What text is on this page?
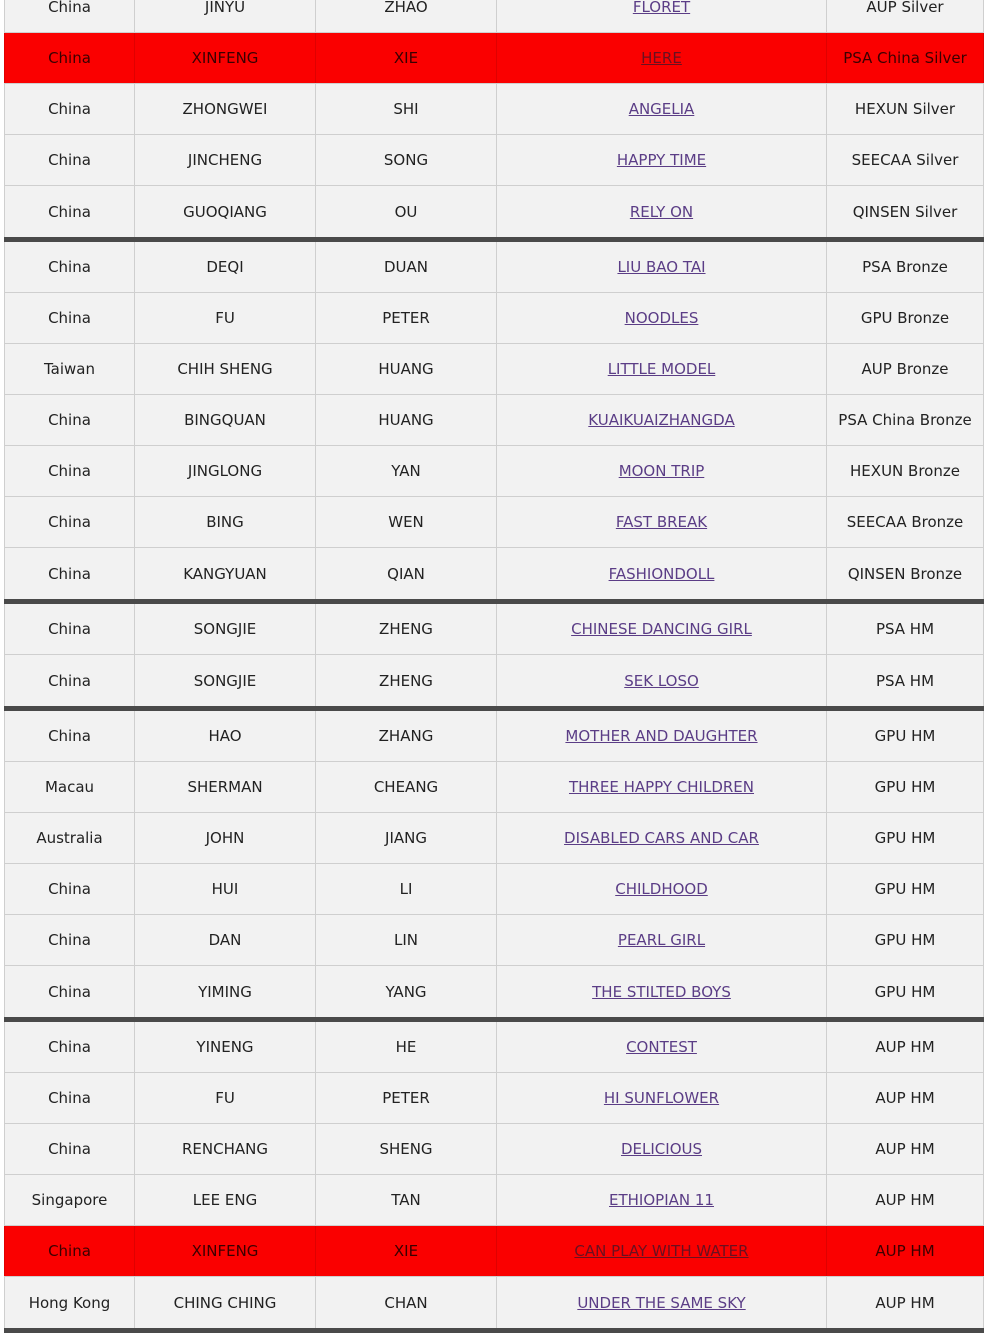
China	JINYU	ZHAO	FLORET	AUP Silver
China	XINFENG	XIE	HERE	PSA China Silver
China	ZHONGWEI	SHI	ANGELIA	HEXUN Silver
China	JINCHENG	SONG	HAPPY TIME	SEECAA Silver
China	GUOQIANG	OU	RELY ON	QINSEN Silver
China	DEQI	DUAN	LIU BAO TAI	PSA Bronze
China	FU	PETER	NOODLES	GPU Bronze
Taiwan	CHIH SHENG	HUANG	LITTLE MODEL	AUP Bronze
China	BINGQUAN	HUANG	KUAIKUAIZHANGDA	PSA China Bronze
China	JINGLONG	YAN	MOON TRIP	HEXUN Bronze
China	BING	WEN	FAST BREAK	SEECAA Bronze
China	KANGYUAN	QIAN	FASHIONDOLL	QINSEN Bronze
China	SONGJIE	ZHENG	CHINESE DANCING GIRL	PSA HM
China	SONGJIE	ZHENG	SEK LOSO	PSA HM
China	HAO	ZHANG	MOTHER AND DAUGHTER	GPU HM
Macau	SHERMAN	CHEANG	THREE HAPPY CHILDREN	GPU HM
Australia	JOHN	JIANG	DISABLED CARS AND CAR	GPU HM
China	HUI	LI	CHILDHOOD	GPU HM
China	DAN	LIN	PEARL GIRL	GPU HM
China	YIMING	YANG	THE STILTED BOYS	GPU HM
China	YINENG	HE	CONTEST	AUP HM
China	FU	PETER	HI SUNFLOWER	AUP HM
China	RENCHANG	SHENG	DELICIOUS	AUP HM
Singapore	LEE ENG	TAN	ETHIOPIAN 11	AUP HM
China	XINFENG	XIE	CAN PLAY WITH WATER	AUP HM
Hong Kong	CHING CHING	CHAN	UNDER THE SAME SKY	AUP HM
